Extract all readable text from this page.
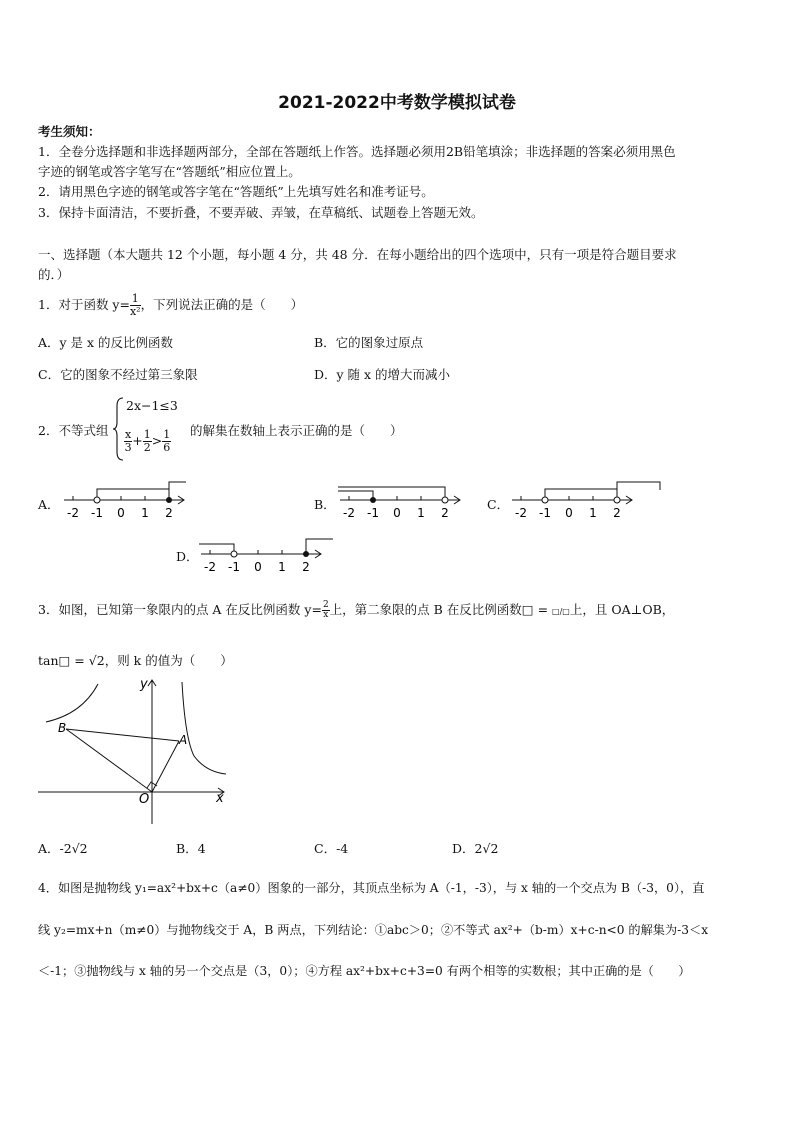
2021-2022中考数学模拟试卷
考生须知：
1．全卷分选择题和非选择题两部分，全部在答题纸上作答。选择题必须用2B铅笔填涂；非选择题的答案必须用黑色
字迹的钢笔或答字笔写在“答题纸”相应位置上。
2．请用黑色字迹的钢笔或答字笔在“答题纸”上先填写姓名和准考证号。
3．保持卡面清洁，不要折叠，不要弄破、弄皱，在草稿纸、试题卷上答题无效。
一、选择题（本大题共 12 个小题，每小题 4 分，共 48 分．在每小题给出的四个选项中，只有一项是符合题目要求
的．）
1．对于函数 $y= \frac{1}{\text{x²}}$ ，下列说法正确的是（　　）
A．y 是 x 的反比例函数	B．它的图象过原点
C．它的图象不经过第三象限	D．y 随 x 的增大而减小
2．不等式组
2x−1≤3
$\frac{x}{3} + \frac{1}{2} > \frac{1}{6}$ 的解集在数轴上表示正确的是（　　）
A．
-2 -1 0 1 2
B．
-2 -1 0 1 2
C．
-2 -1 0 1 2
D．
-2 -1 0 1 2
3．如图，已知第一象限内的点 A 在反比例函数 $y= \frac{2}{x}$ 上，第二象限的点 B 在反比例函数□ = □/□上，且 OA⊥OB，
tan□ = √2，则 k 的值为（　　）
y
x
O
A
B
A．-2√2	B．4	C．-4	D．2√2
4．如图是抛物线 y₁=ax²+bx+c（a≠0）图象的一部分，其顶点坐标为 A（-1，-3），与 x 轴的一个交点为 B（-3，0），直
线 y₂=mx+n（m≠0）与抛物线交于 A，B 两点，下列结论：①abc＞0；②不等式 ax²+（b-m）x+c-n<0 的解集为-3＜x
＜-1；③抛物线与 x 轴的另一个交点是（3，0）；④方程 ax²+bx+c+3=0 有两个相等的实数根；其中正确的是（　　）
